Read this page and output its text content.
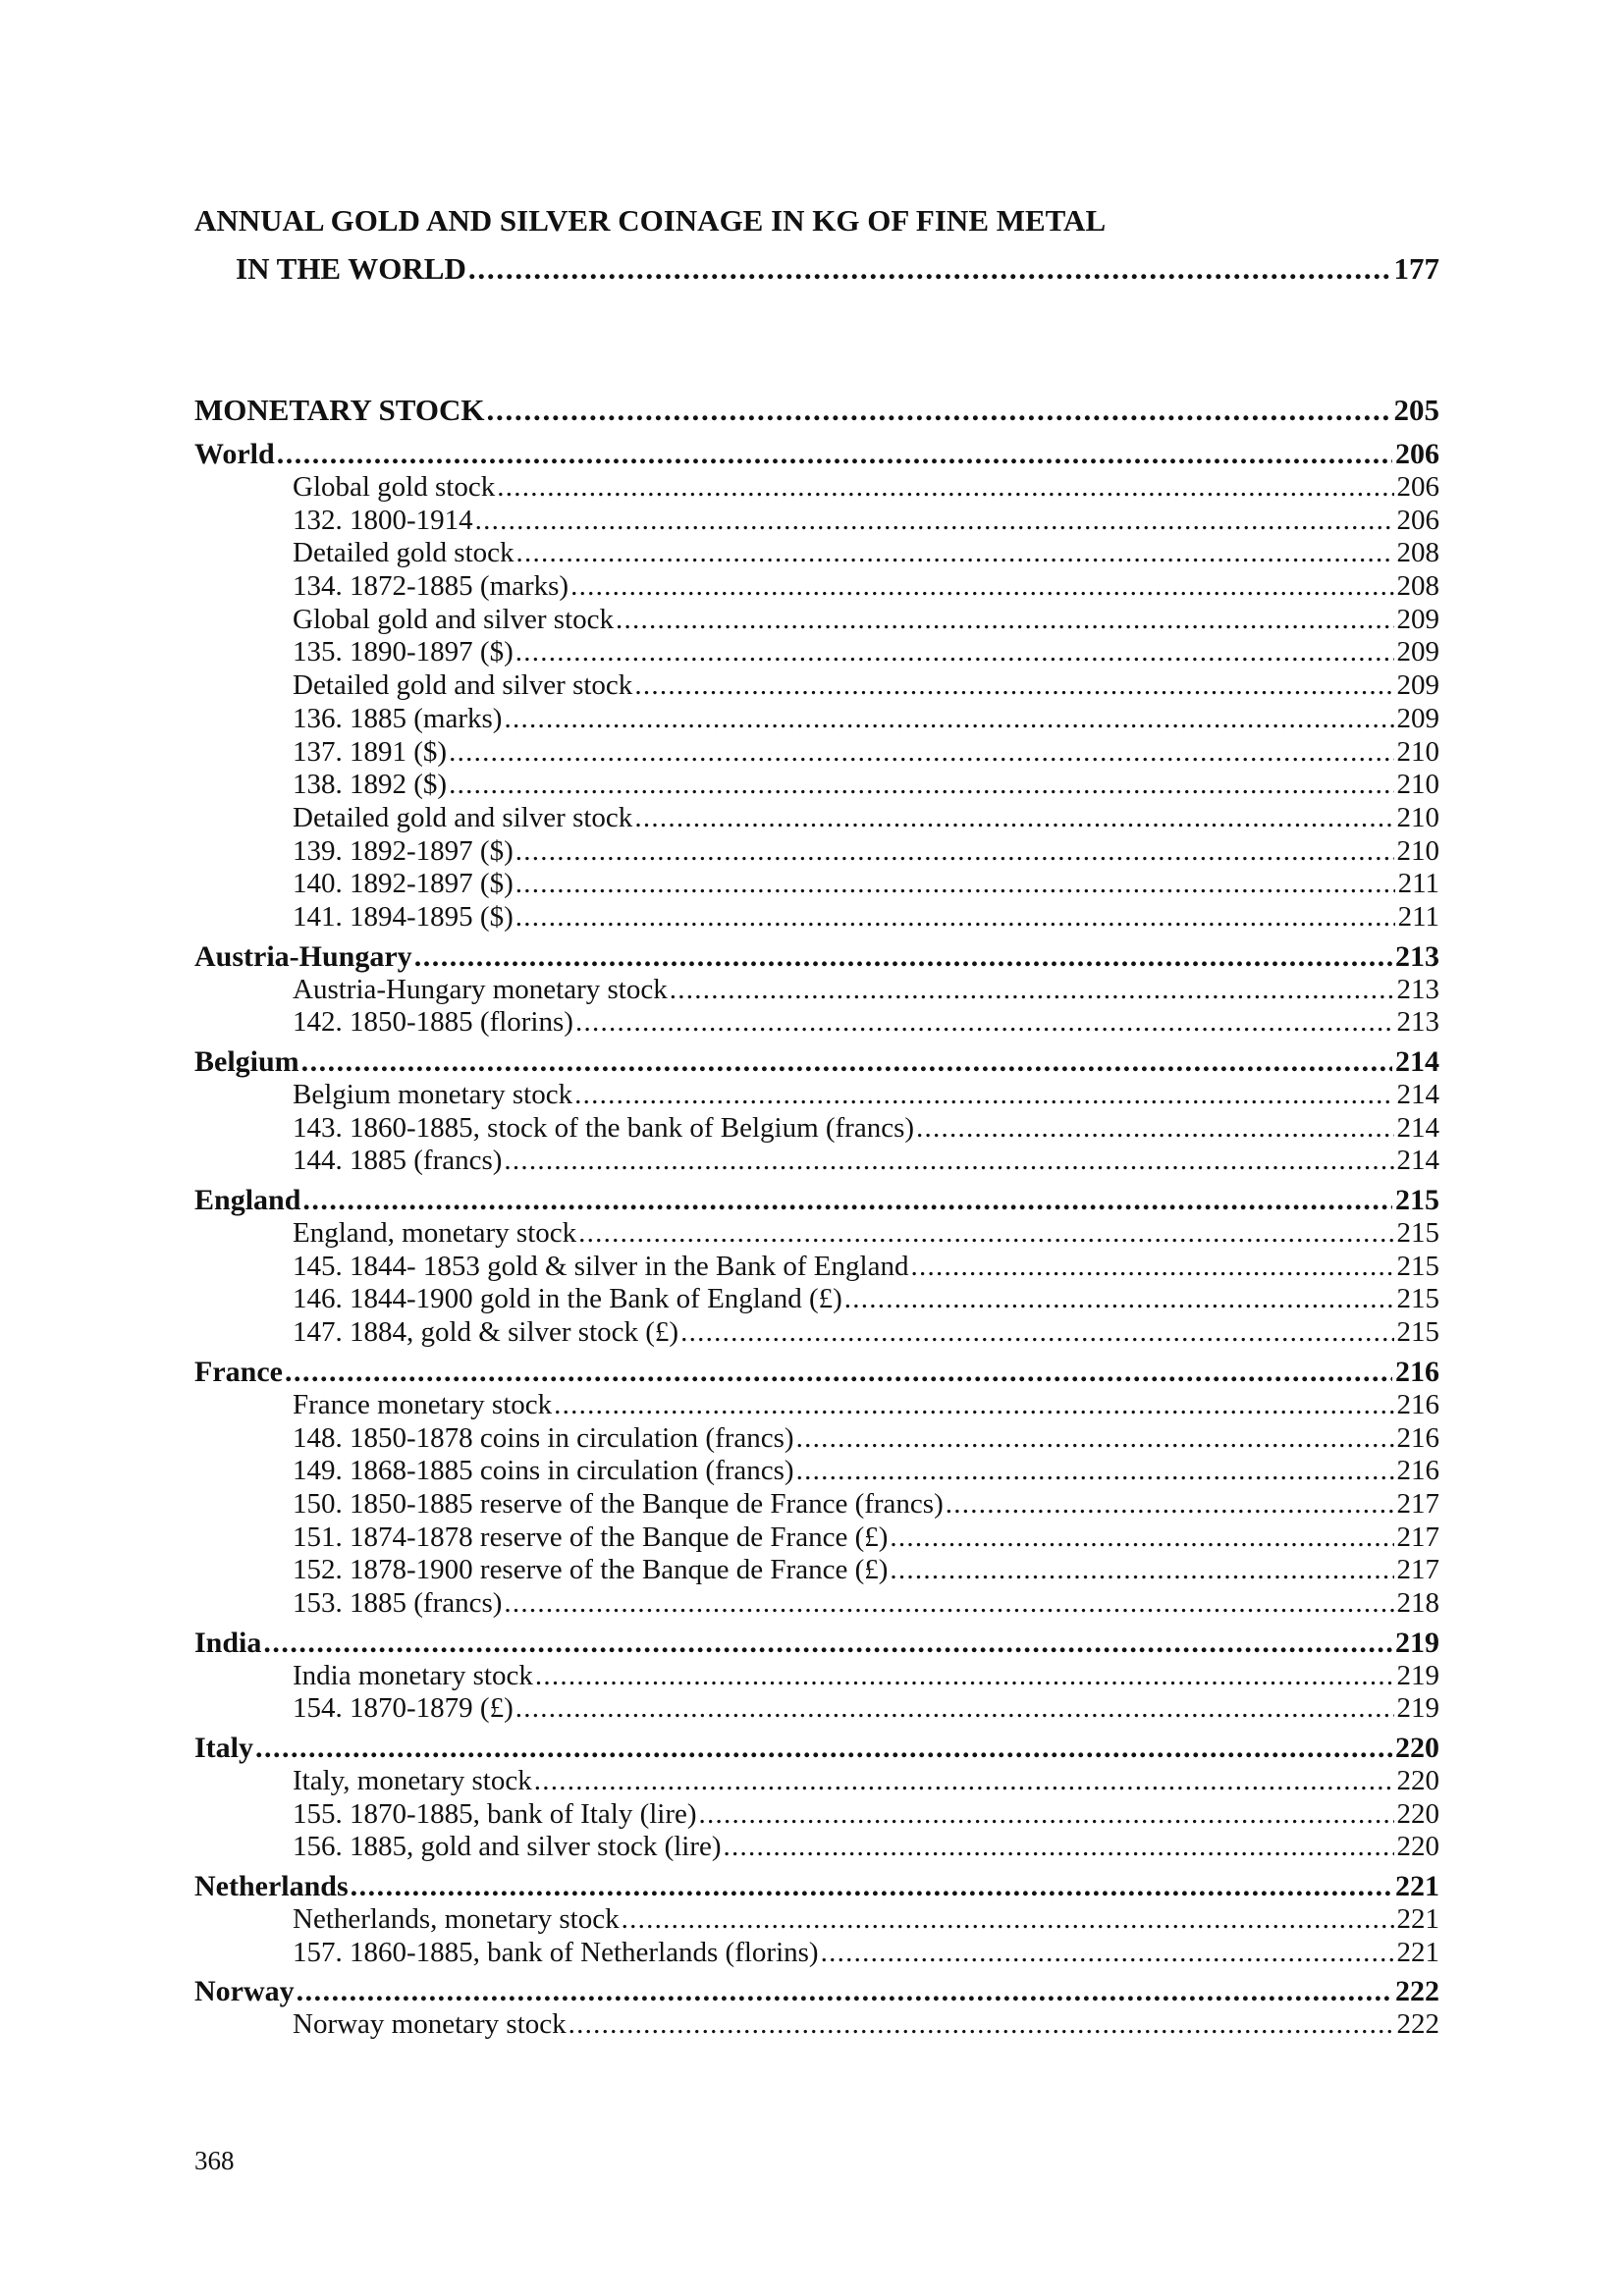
ANNUAL GOLD AND SILVER COINAGE IN KG OF FINE METAL
IN THE WORLD . . .	177
MONETARY STOCK . . .	205
World . . .	206
Global gold stock . . .	206
132. 1800-1914 . . .	206
Detailed gold stock . . .	208
134. 1872-1885 (marks) . . .	208
Global gold and silver stock . . .	209
135. 1890-1897 ($) . . .	209
Detailed gold and silver stock . . .	209
136. 1885 (marks) . . .	209
137. 1891 ($) . . .	210
138. 1892 ($) . . .	210
Detailed gold and silver stock . . .	210
139. 1892-1897 ($) . . .	210
140. 1892-1897 ($) . . .	211
141. 1894-1895 ($) . . .	211
Austria-Hungary . . .	213
Austria-Hungary monetary stock . . .	213
142. 1850-1885 (florins) . . .	213
Belgium . . .	214
Belgium monetary stock . . .	214
143. 1860-1885, stock of the bank of Belgium (francs) . . .	214
144. 1885 (francs) . . .	214
England . . .	215
England, monetary stock . . .	215
145. 1844- 1853 gold & silver in the Bank of England . . .	215
146. 1844-1900 gold in the Bank of England (£) . . .	215
147. 1884, gold & silver stock (£) . . .	215
France . . .	216
France monetary stock . . .	216
148. 1850-1878 coins in circulation (francs) . . .	216
149. 1868-1885 coins in circulation (francs) . . .	216
150. 1850-1885 reserve of the Banque de France (francs) . . .	217
151. 1874-1878 reserve of the Banque de France (£) . . .	217
152. 1878-1900 reserve of the Banque de France (£) . . .	217
153. 1885 (francs) . . .	218
India . . .	219
India monetary stock . . .	219
154. 1870-1879 (£) . . .	219
Italy . . .	220
Italy, monetary stock . . .	220
155. 1870-1885, bank of Italy (lire) . . .	220
156. 1885, gold and silver stock (lire) . . .	220
Netherlands . . .	221
Netherlands, monetary stock . . .	221
157. 1860-1885, bank of Netherlands (florins) . . .	221
Norway . . .	222
Norway monetary stock . . .	222
368
